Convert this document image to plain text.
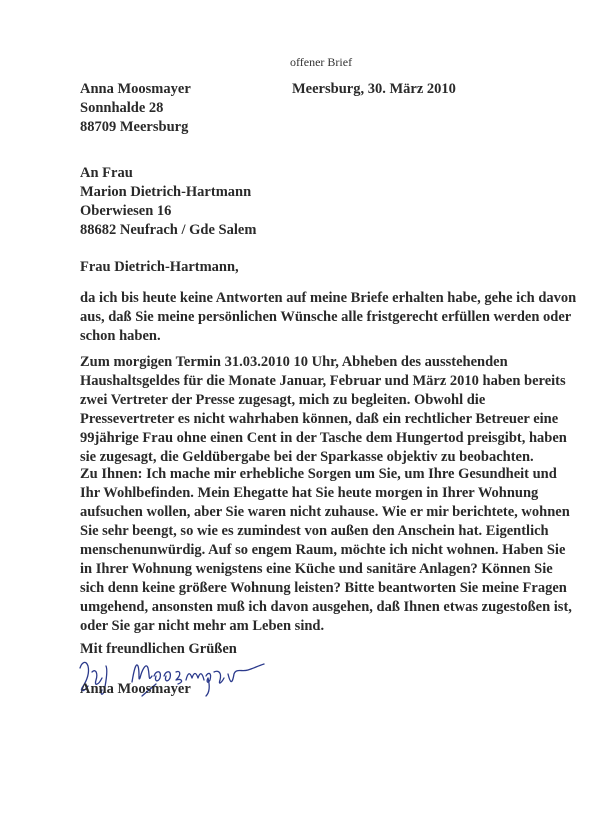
offener Brief
Anna Moosmayer
Sonnhalde 28
88709 Meersburg
Meersburg, 30. März 2010
An Frau
Marion Dietrich-Hartmann
Oberwiesen 16
88682 Neufrach / Gde Salem
Frau Dietrich-Hartmann,
da ich bis heute keine Antworten auf meine Briefe erhalten habe, gehe ich davon
aus, daß Sie meine persönlichen Wünsche alle fristgerecht erfüllen werden oder
schon haben.
Zum morgigen Termin 31.03.2010 10 Uhr, Abheben des ausstehenden
Haushaltsgeldes für die Monate Januar, Februar und März 2010 haben bereits
zwei Vertreter der Presse zugesagt, mich zu begleiten. Obwohl die
Pressevertreter es nicht wahrhaben können, daß ein rechtlicher Betreuer eine
99jährige Frau ohne einen Cent in der Tasche dem Hungertod preisgibt, haben
sie zugesagt, die Geldübergabe bei der Sparkasse objektiv zu beobachten.
Zu Ihnen: Ich mache mir erhebliche Sorgen um Sie, um Ihre Gesundheit und
Ihr Wohlbefinden. Mein Ehegatte hat Sie heute morgen in Ihrer Wohnung
aufsuchen wollen, aber Sie waren nicht zuhause. Wie er mir berichtete, wohnen
Sie sehr beengt, so wie es zumindest von außen den Anschein hat. Eigentlich
menschenunwürdig. Auf so engem Raum, möchte ich nicht wohnen. Haben Sie
in Ihrer Wohnung wenigstens eine Küche und sanitäre Anlagen? Können Sie
sich denn keine größere Wohnung leisten? Bitte beantworten Sie meine Fragen
umgehend, ansonsten muß ich davon ausgehen, daß Ihnen etwas zugestoßen ist,
oder Sie gar nicht mehr am Leben sind.
Mit freundlichen Grüßen
Anna Moosmayer
